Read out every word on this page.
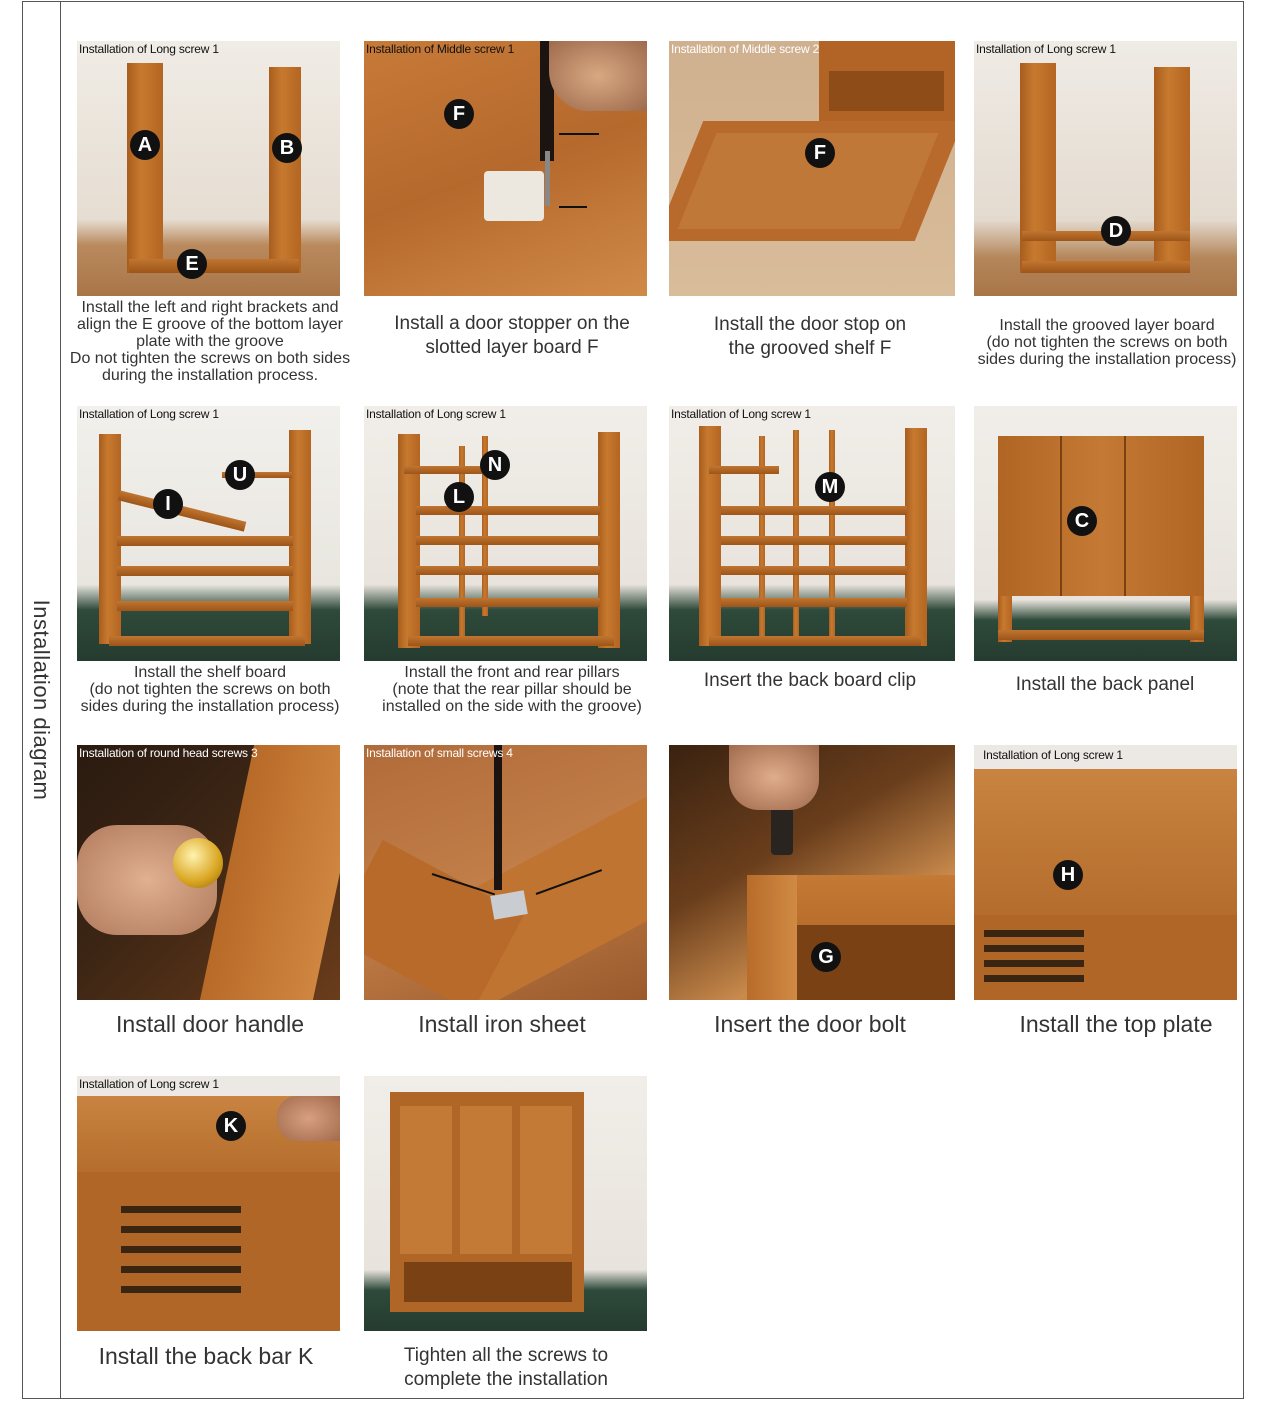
Installation diagram
Installation of Long screw 1
A	B
E
Install the left and right brackets and
align the E groove of the bottom layer
plate with the groove
Do not tighten the screws on both sides
during the installation process.
Installation of Middle screw 1
F
Install a door stopper on the
slotted layer board F
Installation of Middle screw 2
F
Install the door stop on
the grooved shelf F
Installation of Long screw 1
D
Install the grooved layer board
(do not tighten the screws on both
sides during the installation process)
Installation of Long screw 1
U
I
Install the shelf board
(do not tighten the screws on both
sides during the installation process)
Installation of Long screw 1
N
L
Install the front and rear pillars
(note that the rear pillar should be
installed on the side with the groove)
Installation of Long screw 1
M
Insert the back board clip
C
Install the back panel
Installation of round head screws 3
Install door handle
Installation of small screws 4
Install iron sheet
G
Insert the door bolt
Installation of Long screw 1
H
Install the top plate
Installation of Long screw 1
K
Install the back bar K	Tighten all the screws to
complete the installation
